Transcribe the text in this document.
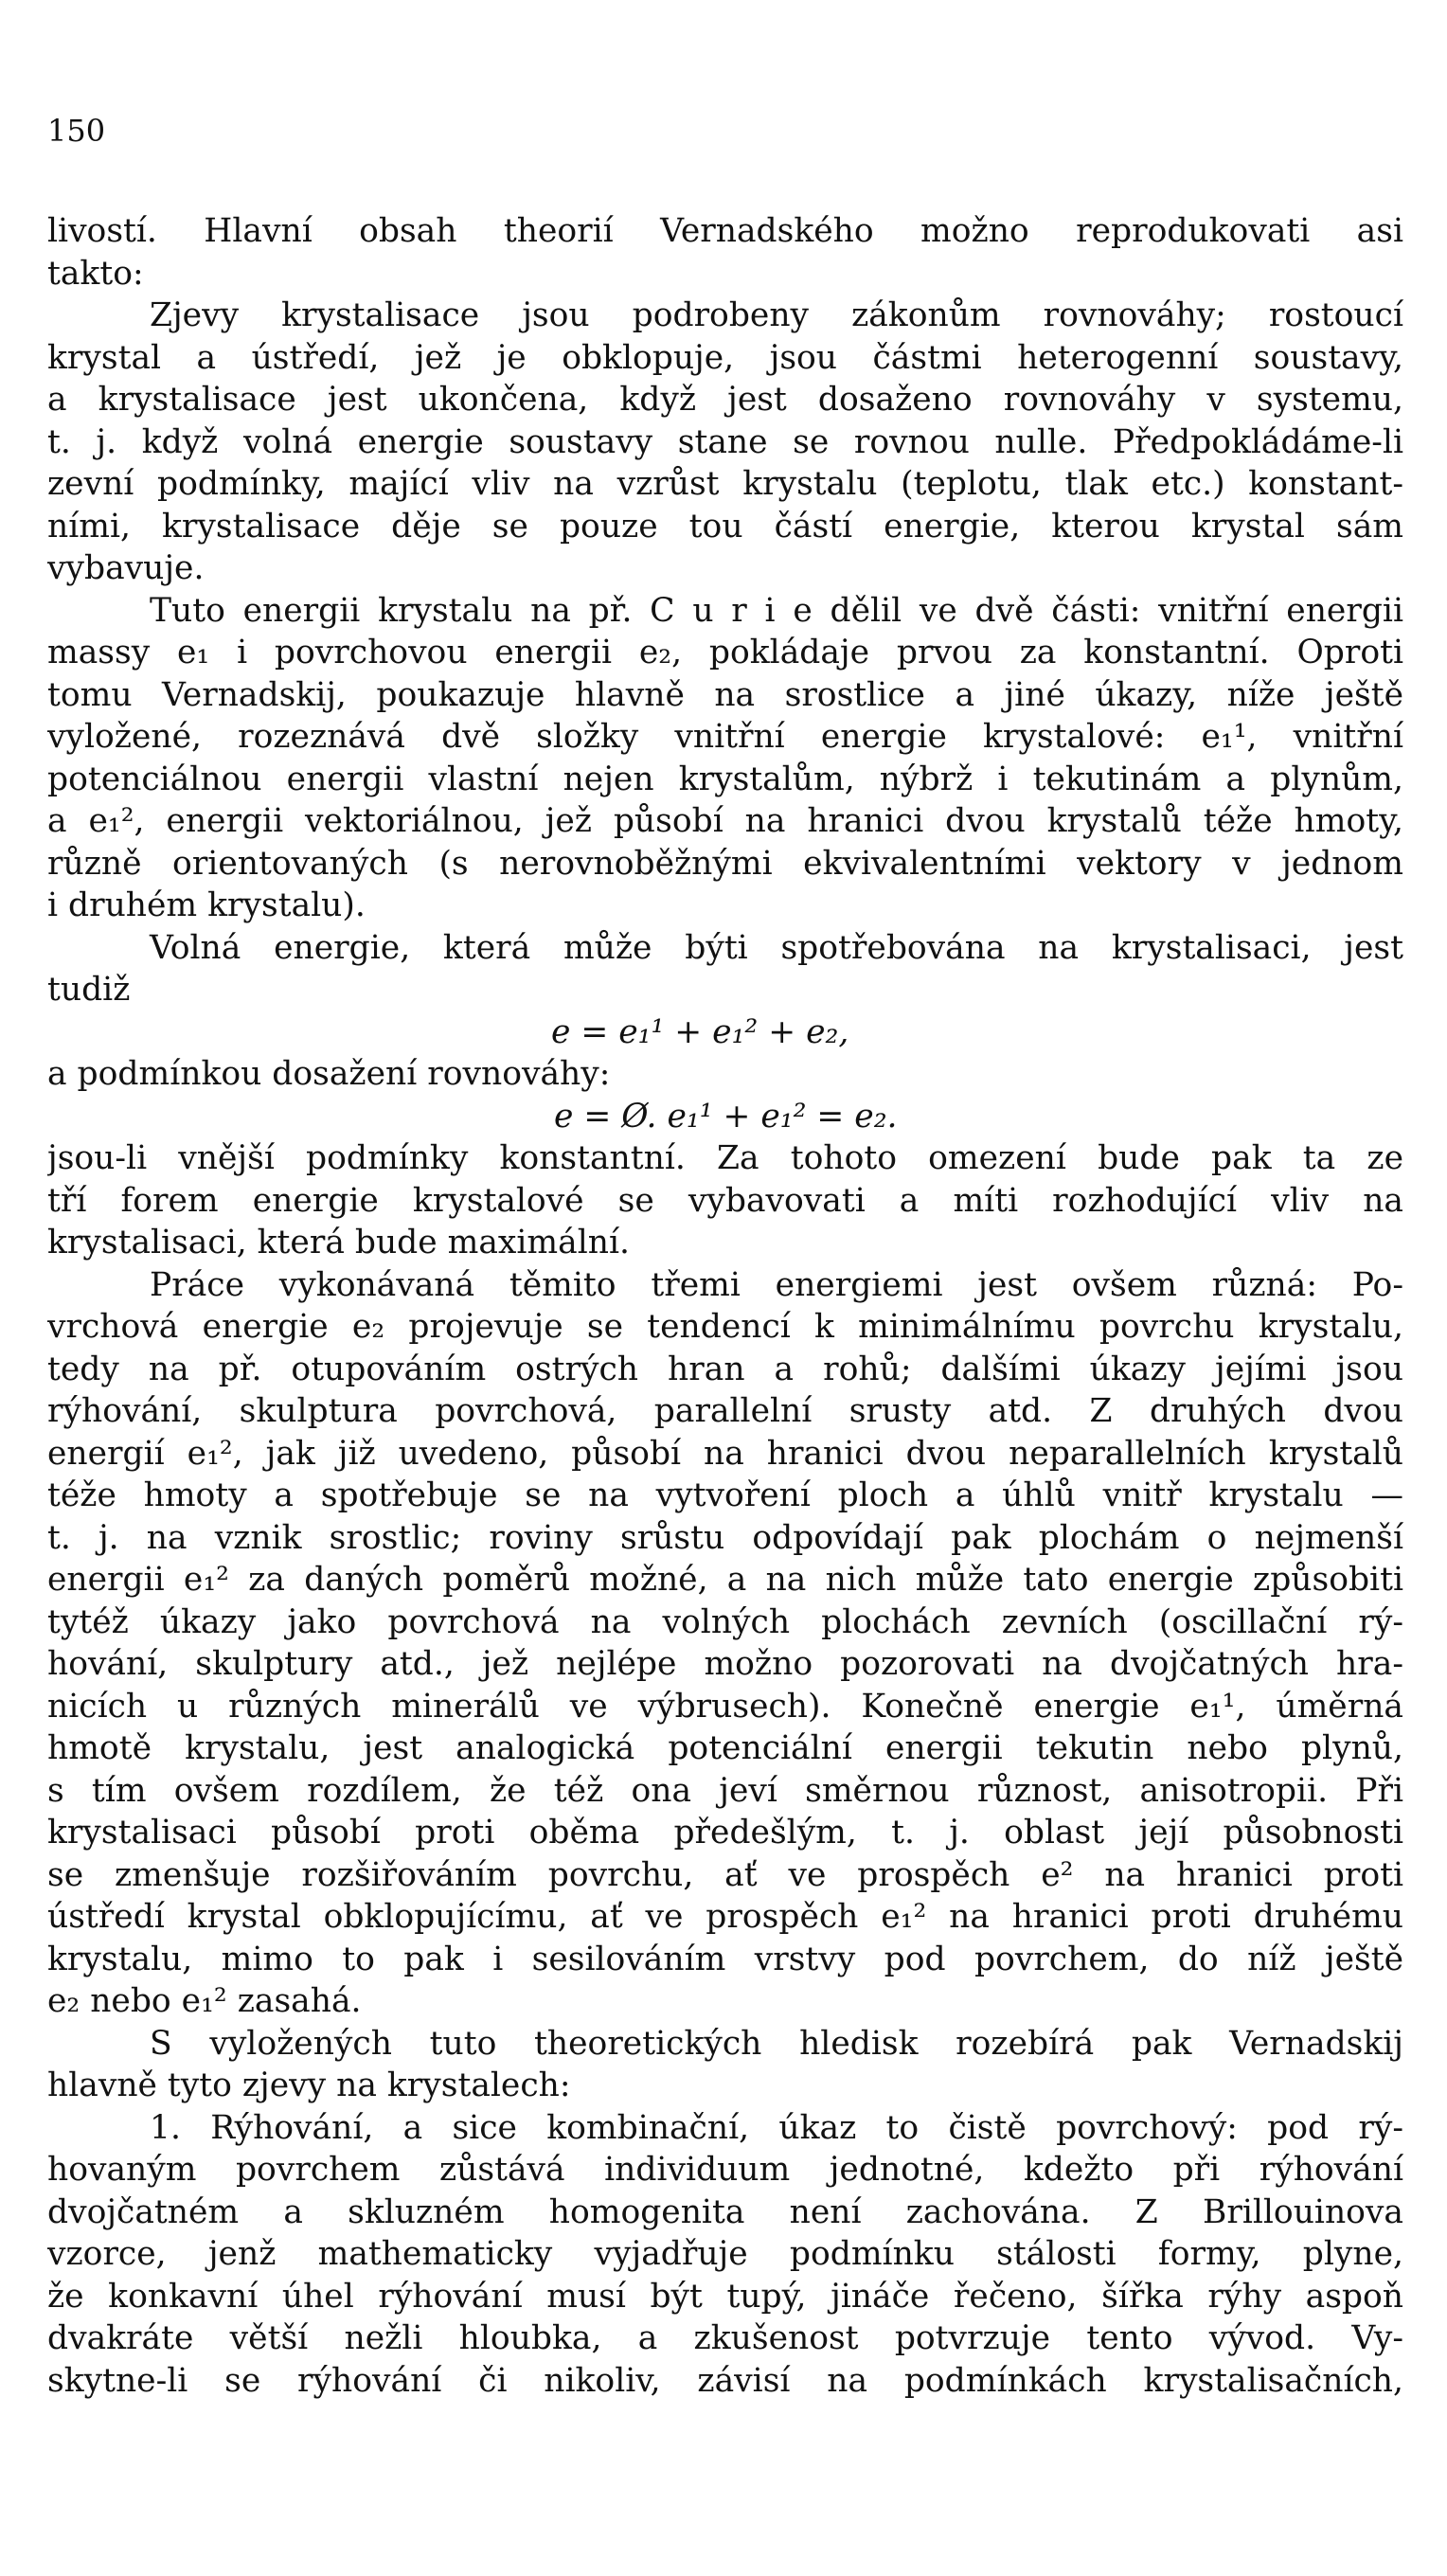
150
livostí. Hlavní obsah theorií Vernadského možno reprodukovati asi
takto:
Zjevy krystalisace jsou podrobeny zákonům rovnováhy; rostoucí
krystal a ústředí, jež je obklopuje, jsou částmi heterogenní soustavy,
a krystalisace jest ukončena, když jest dosaženo rovnováhy v systemu,
t. j. když volná energie soustavy stane se rovnou nulle. Předpokládáme-li
zevní podmínky, mající vliv na vzrůst krystalu (teplotu, tlak etc.) konstant-
ními, krystalisace děje se pouze tou částí energie, kterou krystal sám
vybavuje.
Tuto energii krystalu na př. C u r i e dělil ve dvě části: vnitřní energii
massy e₁ i povrchovou energii e₂, pokládaje prvou za konstantní. Oproti
tomu Vernadskij, poukazuje hlavně na srostlice a jiné úkazy, níže ještě
vyložené, rozeznává dvě složky vnitřní energie krystalové: e₁¹, vnitřní
potenciálnou energii vlastní nejen krystalům, nýbrž i tekutinám a plynům,
a e₁², energii vektoriálnou, jež působí na hranici dvou krystalů téže hmoty,
různě orientovaných (s nerovnoběžnými ekvivalentními vektory v jednom
i druhém krystalu).
Volná energie, která může býti spotřebována na krystalisaci, jest
tudiž
e = e₁¹ + e₁² + e₂,
a podmínkou dosažení rovnováhy:
e = Ø. e₁¹ + e₁² = e₂.
jsou-li vnější podmínky konstantní. Za tohoto omezení bude pak ta ze
tří forem energie krystalové se vybavovati a míti rozhodující vliv na
krystalisaci, která bude maximální.
Práce vykonávaná těmito třemi energiemi jest ovšem různá: Po-
vrchová energie e₂ projevuje se tendencí k minimálnímu povrchu krystalu,
tedy na př. otupováním ostrých hran a rohů; dalšími úkazy jejími jsou
rýhování, skulptura povrchová, parallelní srusty atd. Z druhých dvou
energií e₁², jak již uvedeno, působí na hranici dvou neparallelních krystalů
téže hmoty a spotřebuje se na vytvoření ploch a úhlů vnitř krystalu —
t. j. na vznik srostlic; roviny srůstu odpovídají pak plochám o nejmenší
energii e₁² za daných poměrů možné, a na nich může tato energie způsobiti
tytéž úkazy jako povrchová na volných plochách zevních (oscillační rý-
hování, skulptury atd., jež nejlépe možno pozorovati na dvojčatných hra-
nicích u různých minerálů ve výbrusech). Konečně energie e₁¹, úměrná
hmotě krystalu, jest analogická potenciální energii tekutin nebo plynů,
s tím ovšem rozdílem, že též ona jeví směrnou různost, anisotropii. Při
krystalisaci působí proti oběma předešlým, t. j. oblast její působnosti
se zmenšuje rozšiřováním povrchu, ať ve prospěch e² na hranici proti
ústředí krystal obklopujícímu, ať ve prospěch e₁² na hranici proti druhému
krystalu, mimo to pak i sesilováním vrstvy pod povrchem, do níž ještě
e₂ nebo e₁² zasahá.
S vyložených tuto theoretických hledisk rozebírá pak Vernadskij
hlavně tyto zjevy na krystalech:
1. Rýhování, a sice kombinační, úkaz to čistě povrchový: pod rý-
hovaným povrchem zůstává individuum jednotné, kdežto při rýhování
dvojčatném a skluzném homogenita není zachována. Z Brillouinova
vzorce, jenž mathematicky vyjadřuje podmínku stálosti formy, plyne,
že konkavní úhel rýhování musí být tupý, jináče řečeno, šířka rýhy aspoň
dvakráte větší nežli hloubka, a zkušenost potvrzuje tento vývod. Vy-
skytne-li se rýhování či nikoliv, závisí na podmínkách krystalisačních,
